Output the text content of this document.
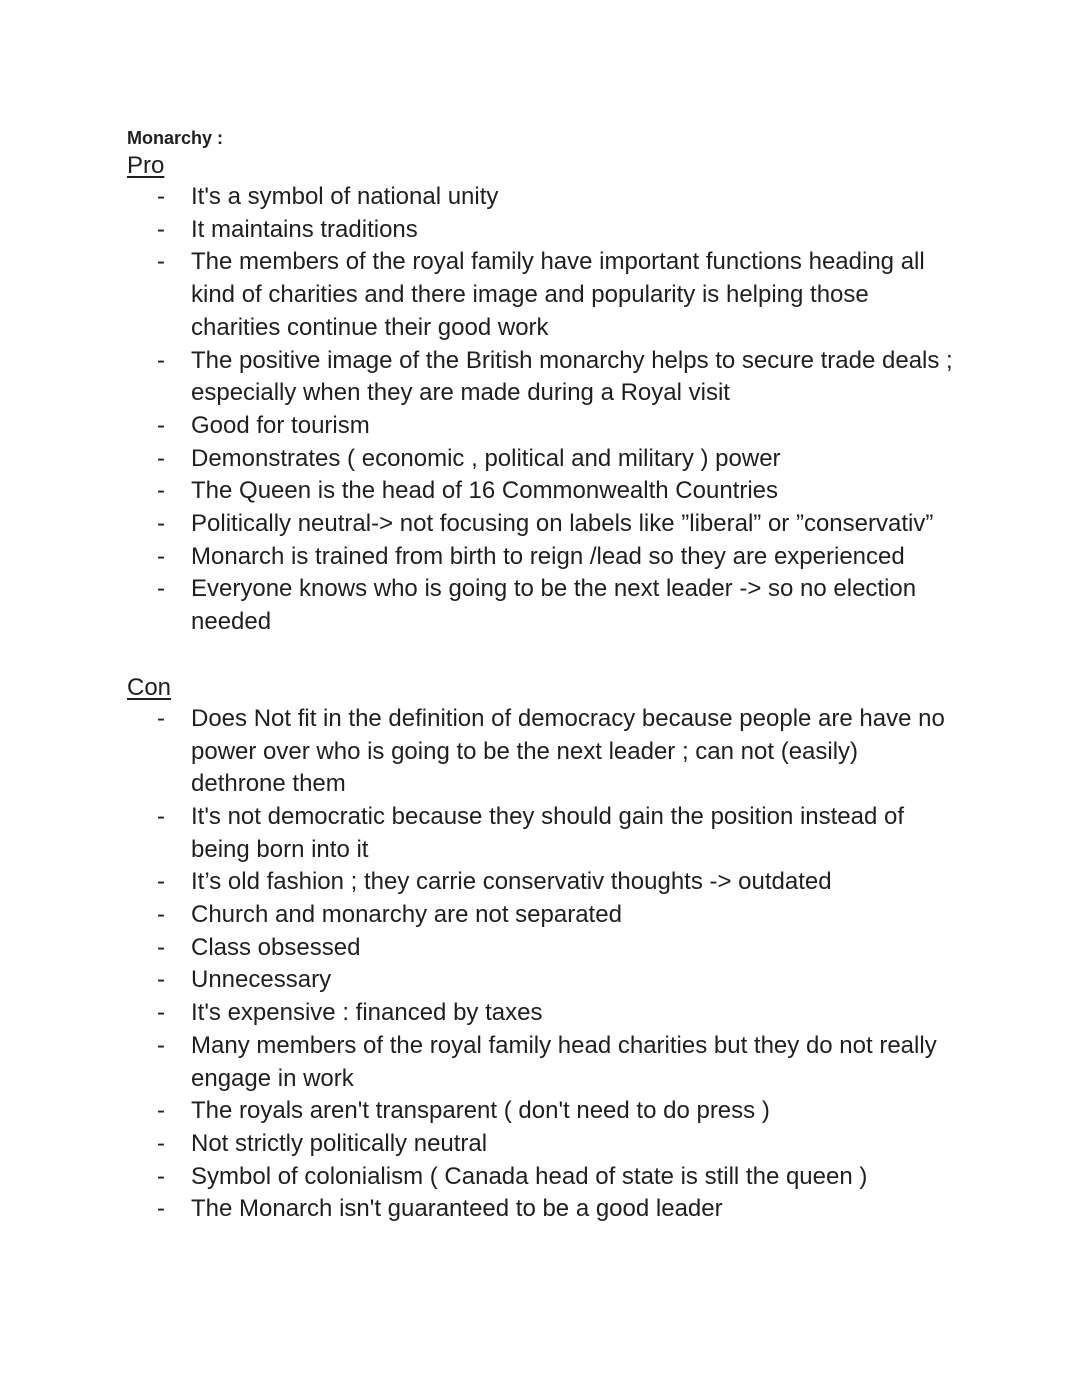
Monarchy :

Pro

- It's a symbol of national unity
- It maintains traditions
- The members of the royal family have important functions heading all kind of charities and there image and popularity is helping those charities continue their good work
- The positive image of the British monarchy helps to secure trade deals ; especially when they are made during a Royal visit
- Good for tourism
- Demonstrates ( economic , political and military ) power
- The Queen is the head of 16 Commonwealth Countries
- Politically neutral-> not focusing on labels like ”liberal” or ”conservativ”
- Monarch is trained from birth to reign /lead so they are experienced
- Everyone knows who is going to be the next leader -> so no election needed

Con

- Does Not fit in the definition of democracy because people are have no power over who is going to be the next leader ; can not (easily) dethrone them
- It's not democratic because they should gain the position instead of being born into it
- It’s old fashion ; they carrie conservativ thoughts -> outdated
- Church and monarchy are not separated
- Class obsessed
- Unnecessary
- It's expensive : financed by taxes
- Many members of the royal family head charities but they do not really engage in work
- The royals aren't transparent ( don't need to do press )
- Not strictly politically neutral
- Symbol of colonialism ( Canada head of state is still the queen )
- The Monarch isn't guaranteed to be a good leader
